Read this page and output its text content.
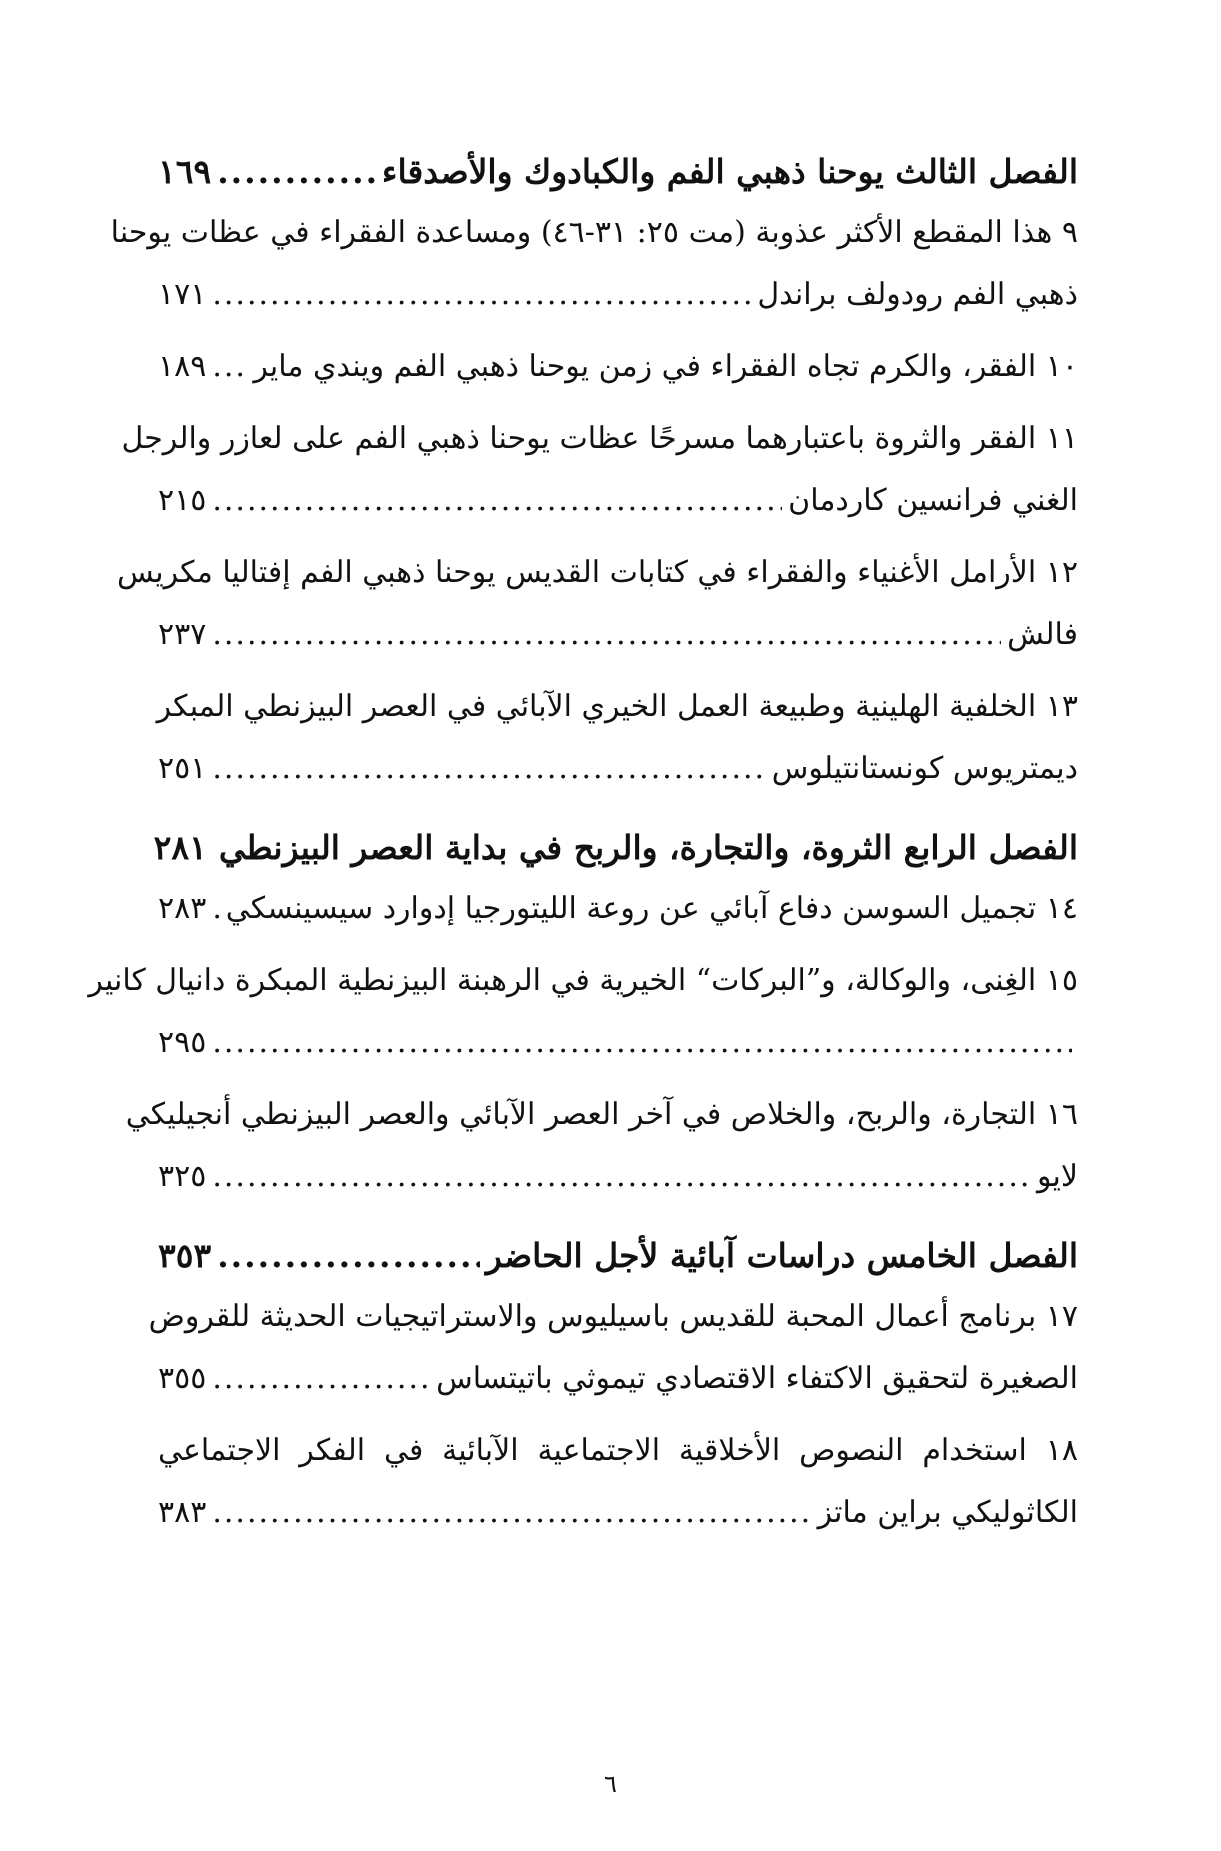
الفصل الثالث يوحنا ذهبي الفم والكبادوك والأصدقاء
.....
١٦٩
٩ هذا المقطع الأكثر عذوبة (مت ٢٥: ٣١-٤٦) ومساعدة الفقراء في عظات يوحنا
ذهبي الفم رودولف براندل
.....
١٧١
١٠ الفقر، والكرم تجاه الفقراء في زمن يوحنا ذهبي الفم ويندي ماير
.....
١٨٩
١١ الفقر والثروة باعتبارهما مسرحًا عظات يوحنا ذهبي الفم على لعازر والرجل
الغني فرانسين كاردمان
.....
٢١٥
١٢ الأرامل الأغنياء والفقراء في كتابات القديس يوحنا ذهبي الفم إفتاليا مكريس
فالش
.....
٢٣٧
١٣ الخلفية الهلينية وطبيعة العمل الخيري الآبائي في العصر البيزنطي المبكر
ديمتريوس كونستانتيلوس
.....
٢٥١
الفصل الرابع الثروة، والتجارة، والربح في بداية العصر البيزنطي
٢٨١
١٤ تجميل السوسن دفاع آبائي عن روعة الليتورجيا إدوارد سيسينسكي
.....
٢٨٣
١٥ الغِنى، والوكالة، و”البركات“ الخيرية في الرهبنة البيزنطية المبكرة دانيال كانير
.....
٢٩٥
١٦ التجارة، والربح، والخلاص في آخر العصر الآبائي والعصر البيزنطي أنجيليكي
لايو
.....
٣٢٥
الفصل الخامس دراسات آبائية لأجل الحاضر
.....
٣٥٣
١٧ برنامج أعمال المحبة للقديس باسيليوس والاستراتيجيات الحديثة للقروض
الصغيرة لتحقيق الاكتفاء الاقتصادي تيموثي باتيتساس
.....
٣٥٥
١٨ استخدام النصوص الأخلاقية الاجتماعية الآبائية في الفكر الاجتماعي
الكاثوليكي براين ماتز
.....
٣٨٣
٦
